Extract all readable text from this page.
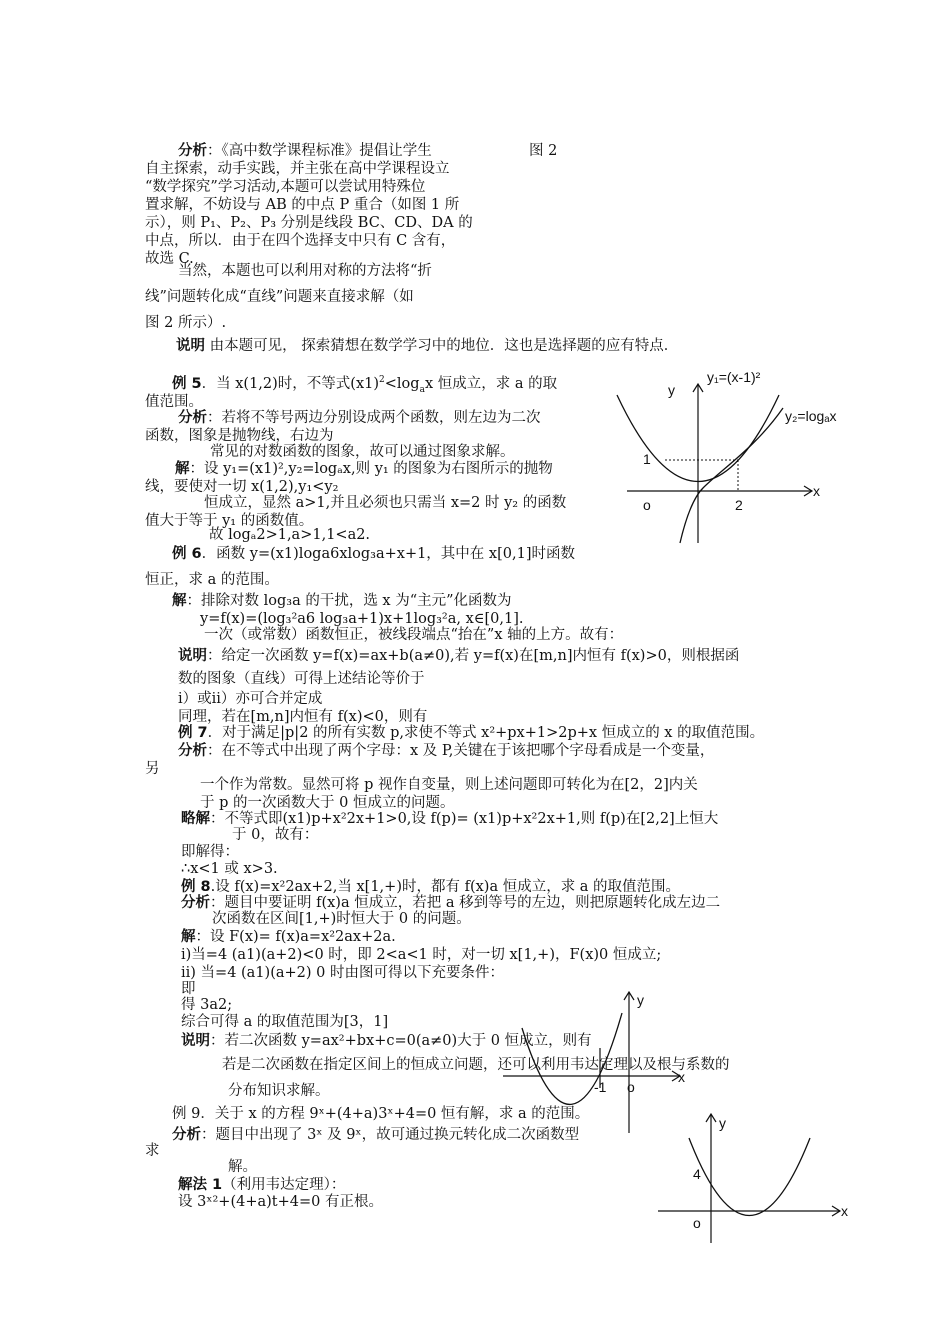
分析：《高中数学课程标准》提倡让学生	图 2
自主探索，动手实践，并主张在高中学课程设立
“数学探究”学习活动,本题可以尝试用特殊位
置求解，不妨设与 AB 的中点 P 重合（如图 1 所
示），则 P₁、P₂、P₃ 分别是线段 BC、CD、DA 的
中点，所以．由于在四个选择支中只有 C 含有，
故选 C.
当然，本题也可以利用对称的方法将“折
线”问题转化成“直线”问题来直接求解（如
图 2 所示）.
说明 由本题可见， 探索猜想在数学学习中的地位．这也是选择题的应有特点．
例 5．当 x(1,2)时，不等式$(x1)^2<\log_ax$ 恒成立，求 a 的取
值范围。
分析：若将不等号两边分别设成两个函数，则左边为二次
函数，图象是抛物线，右边为
常见的对数函数的图象，故可以通过图象求解。
解：设 y₁=(x1)²,y₂=logₐx,则 y₁ 的图象为右图所示的抛物
线，要使对一切 x(1,2),y₁<y₂
恒成立，显然 a>1,并且必须也只需当 x=2 时 y₂ 的函数
值大于等于 y₁ 的函数值。
故 logₐ2>1,a>1,1<a2.
y₁=(x-1)²
y₂=logₐx
y
x
1
2
o
例 6．函数 y=(x1)loga6xlog₃a+x+1，其中在 x[0,1]时函数
恒正，求 a 的范围。
解：排除对数 log₃a 的干扰，选 x 为“主元”化函数为
y=f(x)=(log₃²a6 log₃a+1)x+1log₃²a, x∈[0,1].
一次（或常数）函数恒正，被线段端点“抬在”x 轴的上方。故有：
说明：给定一次函数 y=f(x)=ax+b(a≠0),若 y=f(x)在[m,n]内恒有 f(x)>0，则根据函
数的图象（直线）可得上述结论等价于
ⅰ）或ⅱ）亦可合并定成
同理，若在[m,n]内恒有 f(x)<0，则有
例 7．对于满足|p|2 的所有实数 p,求使不等式 x²+px+1>2p+x 恒成立的 x 的取值范围。
分析：在不等式中出现了两个字母：x 及 P,关键在于该把哪个字母看成是一个变量，
另
一个作为常数。显然可将 p 视作自变量，则上述问题即可转化为在[2，2]内关
于 p 的一次函数大于 0 恒成立的问题。
略解：不等式即(x1)p+x²2x+1>0,设 f(p)= (x1)p+x²2x+1,则 f(p)在[2,2]上恒大
于 0，故有：
即解得：
∴x<1 或 x>3.
例 8.设 f(x)=x²2ax+2,当 x[1,+)时，都有 f(x)a 恒成立，求 a 的取值范围。
分析：题目中要证明 f(x)a 恒成立，若把 a 移到等号的左边，则把原题转化成左边二
次函数在区间[1,+)时恒大于 0 的问题。
解：设 F(x)= f(x)a=x²2ax+2a.
ⅰ)当=4 (a1)(a+2)<0 时，即 2<a<1 时，对一切 x[1,+)，F(x)0 恒成立;
ⅱ) 当=4 (a1)(a+2) 0 时由图可得以下充要条件：
即
得 3a2;
综合可得 a 的取值范围为[3，1]
说明：若二次函数 y=ax²+bx+c=0(a≠0)大于 0 恒成立，则有
若是二次函数在指定区间上的恒成立问题，还可以利用韦达定理以及根与系数的
分布知识求解。
y
x
-1 o
例 9．关于 x 的方程 9ˣ+(4+a)3ˣ+4=0 恒有解，求 a 的范围。
分析：题目中出现了 3ˣ 及 9ˣ，故可通过换元转化成二次函数型
求
解。
解法 1（利用韦达定理）：
设 3ˣ²+(4+a)t+4=0 有正根。
y
x
4
o
